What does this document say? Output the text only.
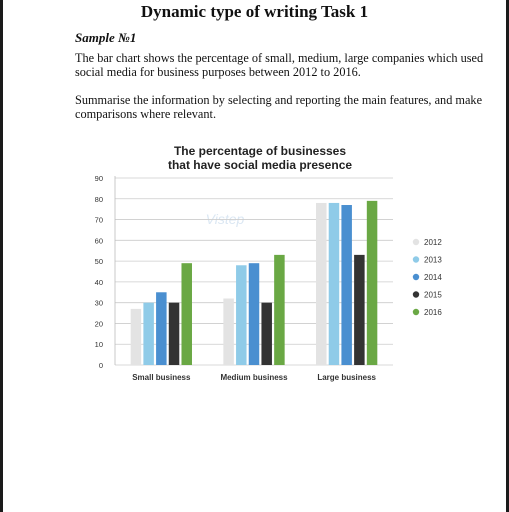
Dynamic type of writing Task 1
Sample №1
The bar chart shows the percentage of small, medium, large companies which used social media for business purposes between 2012 to 2016.
Summarise the information by selecting and reporting the main features, and make comparisons where relevant.
The percentage of businesses
that have social media presence
Vistep
0
10
20
30
40
50
60
70
80
90
Small business	Medium business	Large business
2012
2013
2014
2015
2016
